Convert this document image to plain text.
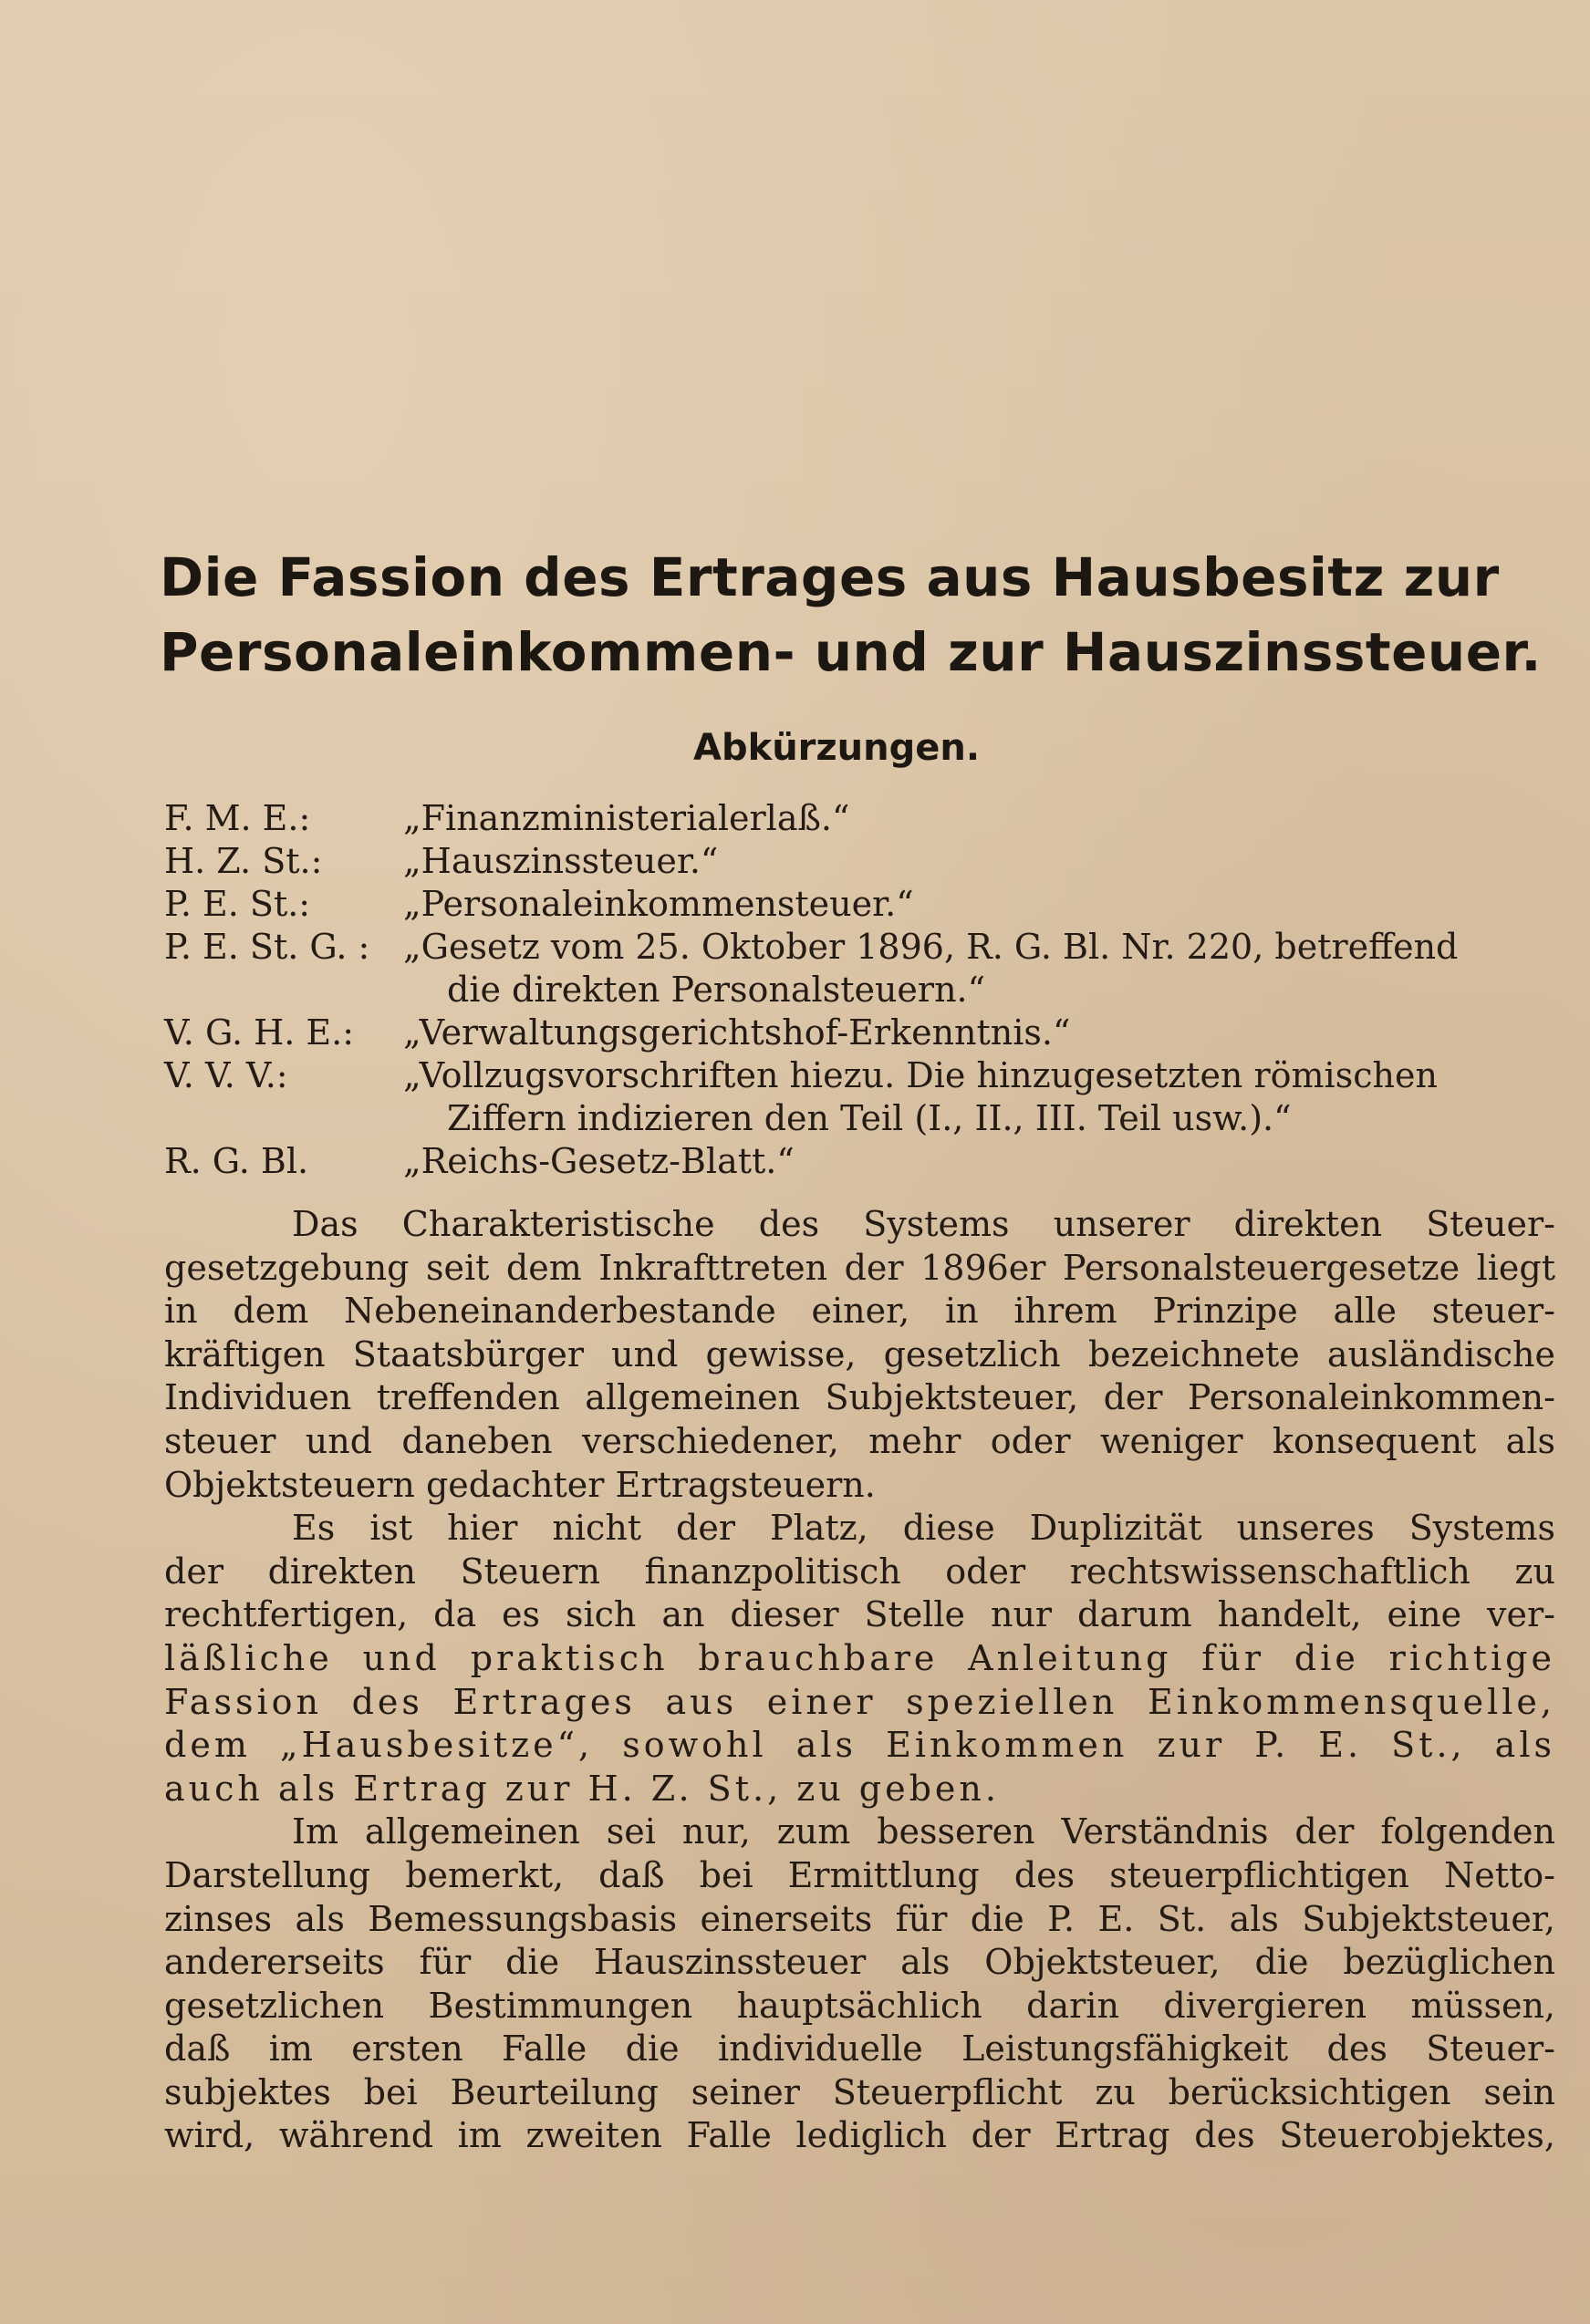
Die Fassion des Ertrages aus Hausbesitz zur
Personaleinkommen- und zur Hauszinssteuer.
Abkürzungen.
F. M. E.:	„Finanzministerialerlaß.“
H. Z. St.:	„Hauszinssteuer.“
P. E. St.:	„Personaleinkommensteuer.“
P. E. St. G. : „Gesetz vom 25. Oktober 1896, R. G. Bl. Nr. 220, betreffend
die direkten Personalsteuern.“
V. G. H. E.:	„Verwaltungsgerichtshof-Erkenntnis.“
V. V. V.:	„Vollzugsvorschriften hiezu. Die hinzugesetzten römischen
Ziffern indizieren den Teil (I., II., III. Teil usw.).“
R. G. Bl.	„Reichs-Gesetz-Blatt.“
Das Charakteristische des Systems unserer direkten Steuer-
gesetzgebung seit dem Inkrafttreten der 1896er Personalsteuergesetze liegt
in dem Nebeneinanderbestande einer, in ihrem Prinzipe alle steuer-
kräftigen Staatsbürger und gewisse, gesetzlich bezeichnete ausländische
Individuen treffenden allgemeinen Subjektsteuer, der Personaleinkommen-
steuer und daneben verschiedener, mehr oder weniger konsequent als
Objektsteuern gedachter Ertragsteuern.
Es ist hier nicht der Platz, diese Duplizität unseres Systems
der direkten Steuern finanzpolitisch oder rechtswissenschaftlich zu
rechtfertigen, da es sich an dieser Stelle nur darum handelt, eine ver-
läßliche und praktisch brauchbare Anleitung für die richtige
Fassion des Ertrages aus einer speziellen Einkommensquelle,
dem „Hausbesitze“, sowohl als Einkommen zur P. E. St., als
auch als Ertrag zur H. Z. St., zu geben.
Im allgemeinen sei nur, zum besseren Verständnis der folgenden
Darstellung bemerkt, daß bei Ermittlung des steuerpflichtigen Netto-
zinses als Bemessungsbasis einerseits für die P. E. St. als Subjektsteuer,
andererseits für die Hauszinssteuer als Objektsteuer, die bezüglichen
gesetzlichen Bestimmungen hauptsächlich darin divergieren müssen,
daß im ersten Falle die individuelle Leistungsfähigkeit des Steuer-
subjektes bei Beurteilung seiner Steuerpflicht zu berücksichtigen sein
wird, während im zweiten Falle lediglich der Ertrag des Steuerobjektes,
